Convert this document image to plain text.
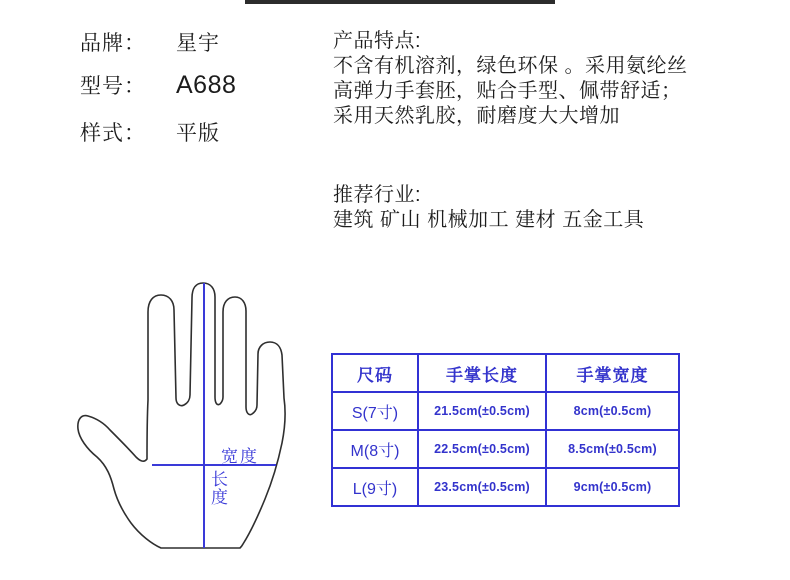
品牌：	星宇
型号：	A688
样式：	平版
产品特点:
不含有机溶剂，绿色环保 。采用氨纶丝
高弹力手套胚，贴合手型、佩带舒适；
采用天然乳胶，耐磨度大大增加
推荐行业:
建筑 矿山 机械加工 建材 五金工具
宽度
长度
尺码	手掌长度	手掌宽度
S(7寸)	21.5cm(±0.5cm)	8cm(±0.5cm)
M(8寸)	22.5cm(±0.5cm)	8.5cm(±0.5cm)
L(9寸)	23.5cm(±0.5cm)	9cm(±0.5cm)
